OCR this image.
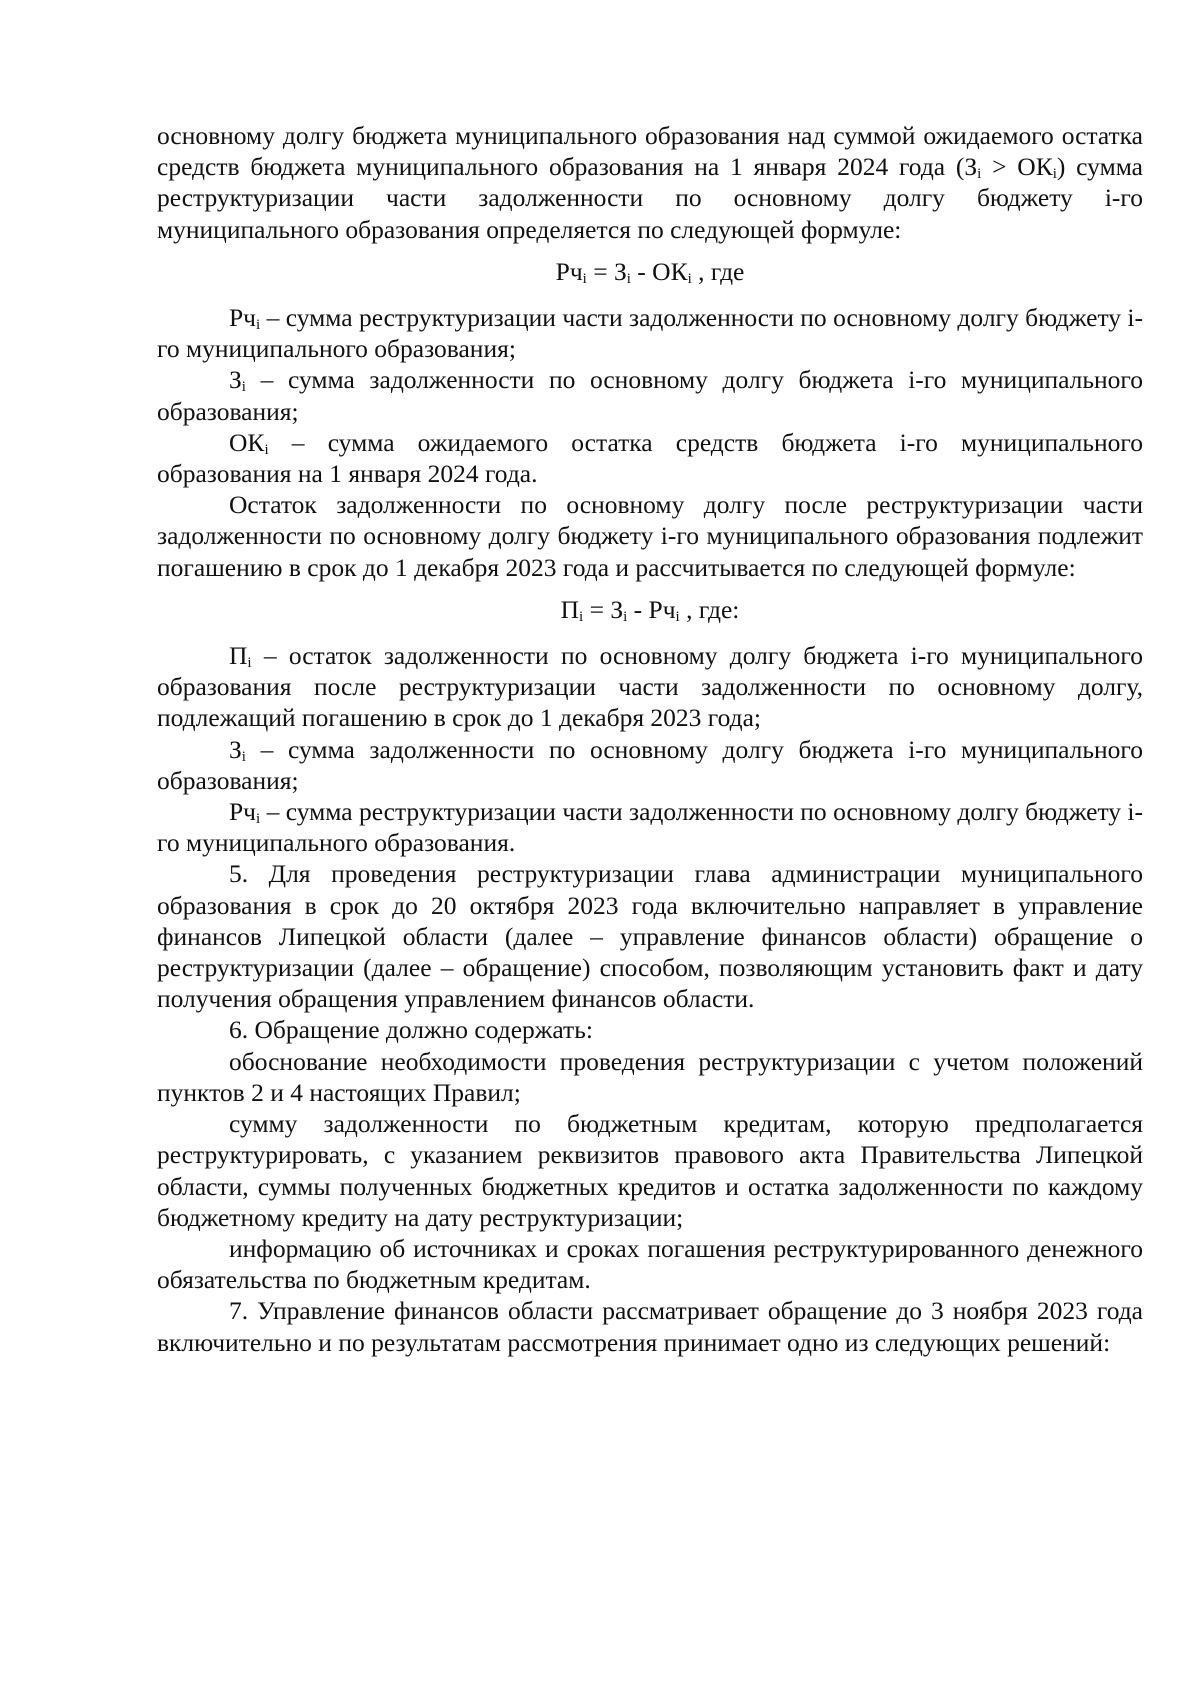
основному долгу бюджета муниципального образования над суммой ожидаемого остатка средств бюджета муниципального образования на 1 января 2024 года $(З_i > ОК_i)$ сумма реструктуризации части задолженности по основному долгу бюджету i-го муниципального образования определяется по следующей формуле:

$Рч_i = З_i - ОК_i$ , где

$Рч_i$ – сумма реструктуризации части задолженности по основному долгу бюджету i-го муниципального образования;

$З_i$ – сумма задолженности по основному долгу бюджета i-го муниципального образования;

$ОК_i$ – сумма ожидаемого остатка средств бюджета i-го муниципального образования на 1 января 2024 года.

Остаток задолженности по основному долгу после реструктуризации части задолженности по основному долгу бюджету i-го муниципального образования подлежит погашению в срок до 1 декабря 2023 года и рассчитывается по следующей формуле:

$П_i = З_i - Рч_i$ , где:

$П_i$ – остаток задолженности по основному долгу бюджета i-го муниципального образования после реструктуризации части задолженности по основному долгу, подлежащий погашению в срок до 1 декабря 2023 года;

$З_i$ – сумма задолженности по основному долгу бюджета i-го муниципального образования;

$Рч_i$ – сумма реструктуризации части задолженности по основному долгу бюджету i-го муниципального образования.

5. Для проведения реструктуризации глава администрации муниципального образования в срок до 20 октября 2023 года включительно направляет в управление финансов Липецкой области (далее – управление финансов области) обращение о реструктуризации (далее – обращение) способом, позволяющим установить факт и дату получения обращения управлением финансов области.

6. Обращение должно содержать:

обоснование необходимости проведения реструктуризации с учетом положений пунктов 2 и 4 настоящих Правил;

сумму задолженности по бюджетным кредитам, которую предполагается реструктурировать, с указанием реквизитов правового акта Правительства Липецкой области, суммы полученных бюджетных кредитов и остатка задолженности по каждому бюджетному кредиту на дату реструктуризации;

информацию об источниках и сроках погашения реструктурированного денежного обязательства по бюджетным кредитам.

7. Управление финансов области рассматривает обращение до 3 ноября 2023 года включительно и по результатам рассмотрения принимает одно из следующих решений:
